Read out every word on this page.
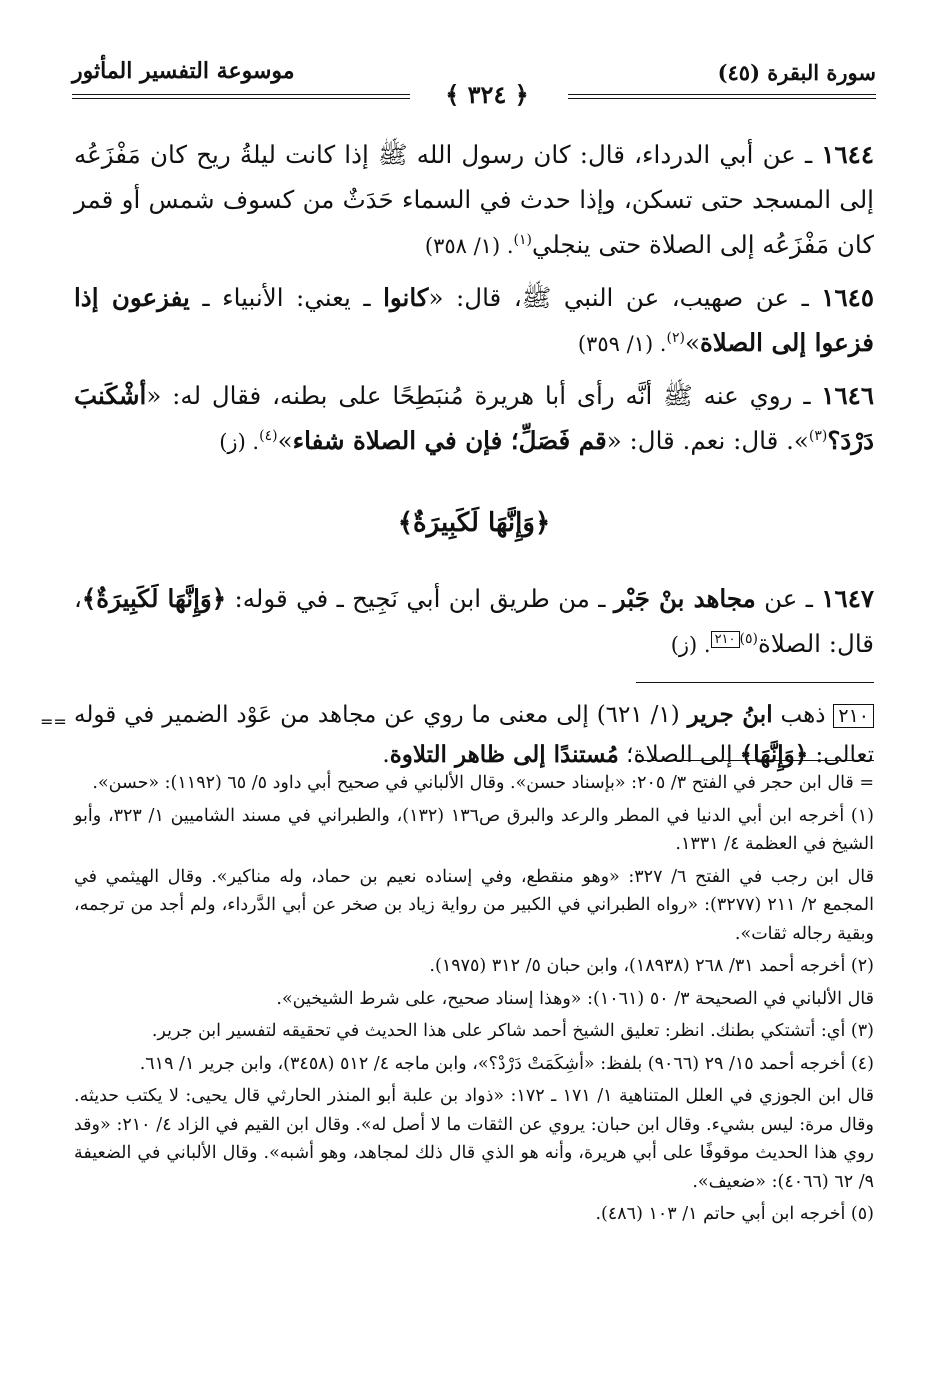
سورة البقرة (٤٥)
﴿ ٣٢٤ ﴾
موسوعة التفسير المأثور

١٦٤٤ ـ عن أبي الدرداء، قال: كان رسول الله ﷺ إذا كانت ليلةُ ريح كان مَفْزَعُه إلى المسجد حتى تسكن، وإذا حدث في السماء حَدَثٌ من كسوف شمس أو قمر كان مَفْزَعُه إلى الصلاة حتى ينجلي$^{(١)}$. (١/ ٣٥٨)

١٦٤٥ ـ عن صهيب، عن النبي ﷺ، قال: «كانوا ـ يعني: الأنبياء ـ يفزعون إذا فزعوا إلى الصلاة»$^{(٢)}$. (١/ ٣٥٩)

١٦٤٦ ـ روي عنه ﷺ أنَّه رأى أبا هريرة مُنبَطِحًا على بطنه، فقال له: «أشْكَنبَ دَرْدَ؟$^{(٣)}$». قال: نعم. قال: «قم فَصَلِّ؛ فإن في الصلاة شفاء»$^{(٤)}$. (ز)

﴿وَإِنَّهَا لَكَبِيرَةٌ﴾

١٦٤٧ ـ عن مجاهد بنْ جَبْر ـ من طريق ابن أبي نَجِيح ـ في قوله: ﴿وَإِنَّهَا لَكَبِيرَةٌ﴾، قال: الصلاة$^{(٥)}$٢١٠. (ز)

٢١٠ ذهب ابنُ جرير (١/ ٦٢١) إلى معنى ما روي عن مجاهد من عَوْد الضمير في قوله تعالى: ﴿وَإِنَّهَا﴾ إلى الصلاة؛ مُستندًا إلى ظاهر التلاوة.

==

= قال ابن حجر في الفتح ٣/ ٢٠٥: «بإسناد حسن». وقال الألباني في صحيح أبي داود ٥/ ٦٥ (١١٩٢): «حسن».

(١) أخرجه ابن أبي الدنيا في المطر والرعد والبرق ص١٣٦ (١٣٢)، والطبراني في مسند الشاميين ١/ ٣٢٣، وأبو الشيخ في العظمة ٤/ ١٣٣١.

قال ابن رجب في الفتح ٦/ ٣٢٧: «وهو منقطع، وفي إسناده نعيم بن حماد، وله مناكير». وقال الهيثمي في المجمع ٢/ ٢١١ (٣٢٧٧): «رواه الطبراني في الكبير من رواية زياد بن صخر عن أبي الدَّرداء، ولم أجد من ترجمه، وبقية رجاله ثقات».

(٢) أخرجه أحمد ٣١/ ٢٦٨ (١٨٩٣٨)، وابن حبان ٥/ ٣١٢ (١٩٧٥).

قال الألباني في الصحيحة ٣/ ٥٠ (١٠٦١): «وهذا إسناد صحيح، على شرط الشيخين».

(٣) أي: أتشتكي بطنك. انظر: تعليق الشيخ أحمد شاكر على هذا الحديث في تحقيقه لتفسير ابن جرير.

(٤) أخرجه أحمد ١٥/ ٢٩ (٩٠٦٦) بلفظ: «أشِكَمَتْ دَرْدْ؟»، وابن ماجه ٤/ ٥١٢ (٣٤٥٨)، وابن جرير ١/ ٦١٩.

قال ابن الجوزي في العلل المتناهية ١/ ١٧١ ـ ١٧٢: «ذواد بن علبة أبو المنذر الحارثي قال يحيى: لا يكتب حديثه. وقال مرة: ليس بشيء. وقال ابن حبان: يروي عن الثقات ما لا أصل له». وقال ابن القيم في الزاد ٤/ ٢١٠: «وقد روي هذا الحديث موقوفًا على أبي هريرة، وأنه هو الذي قال ذلك لمجاهد، وهو أشبه». وقال الألباني في الضعيفة ٩/ ٦٢ (٤٠٦٦): «ضعيف».

(٥) أخرجه ابن أبي حاتم ١/ ١٠٣ (٤٨٦).
